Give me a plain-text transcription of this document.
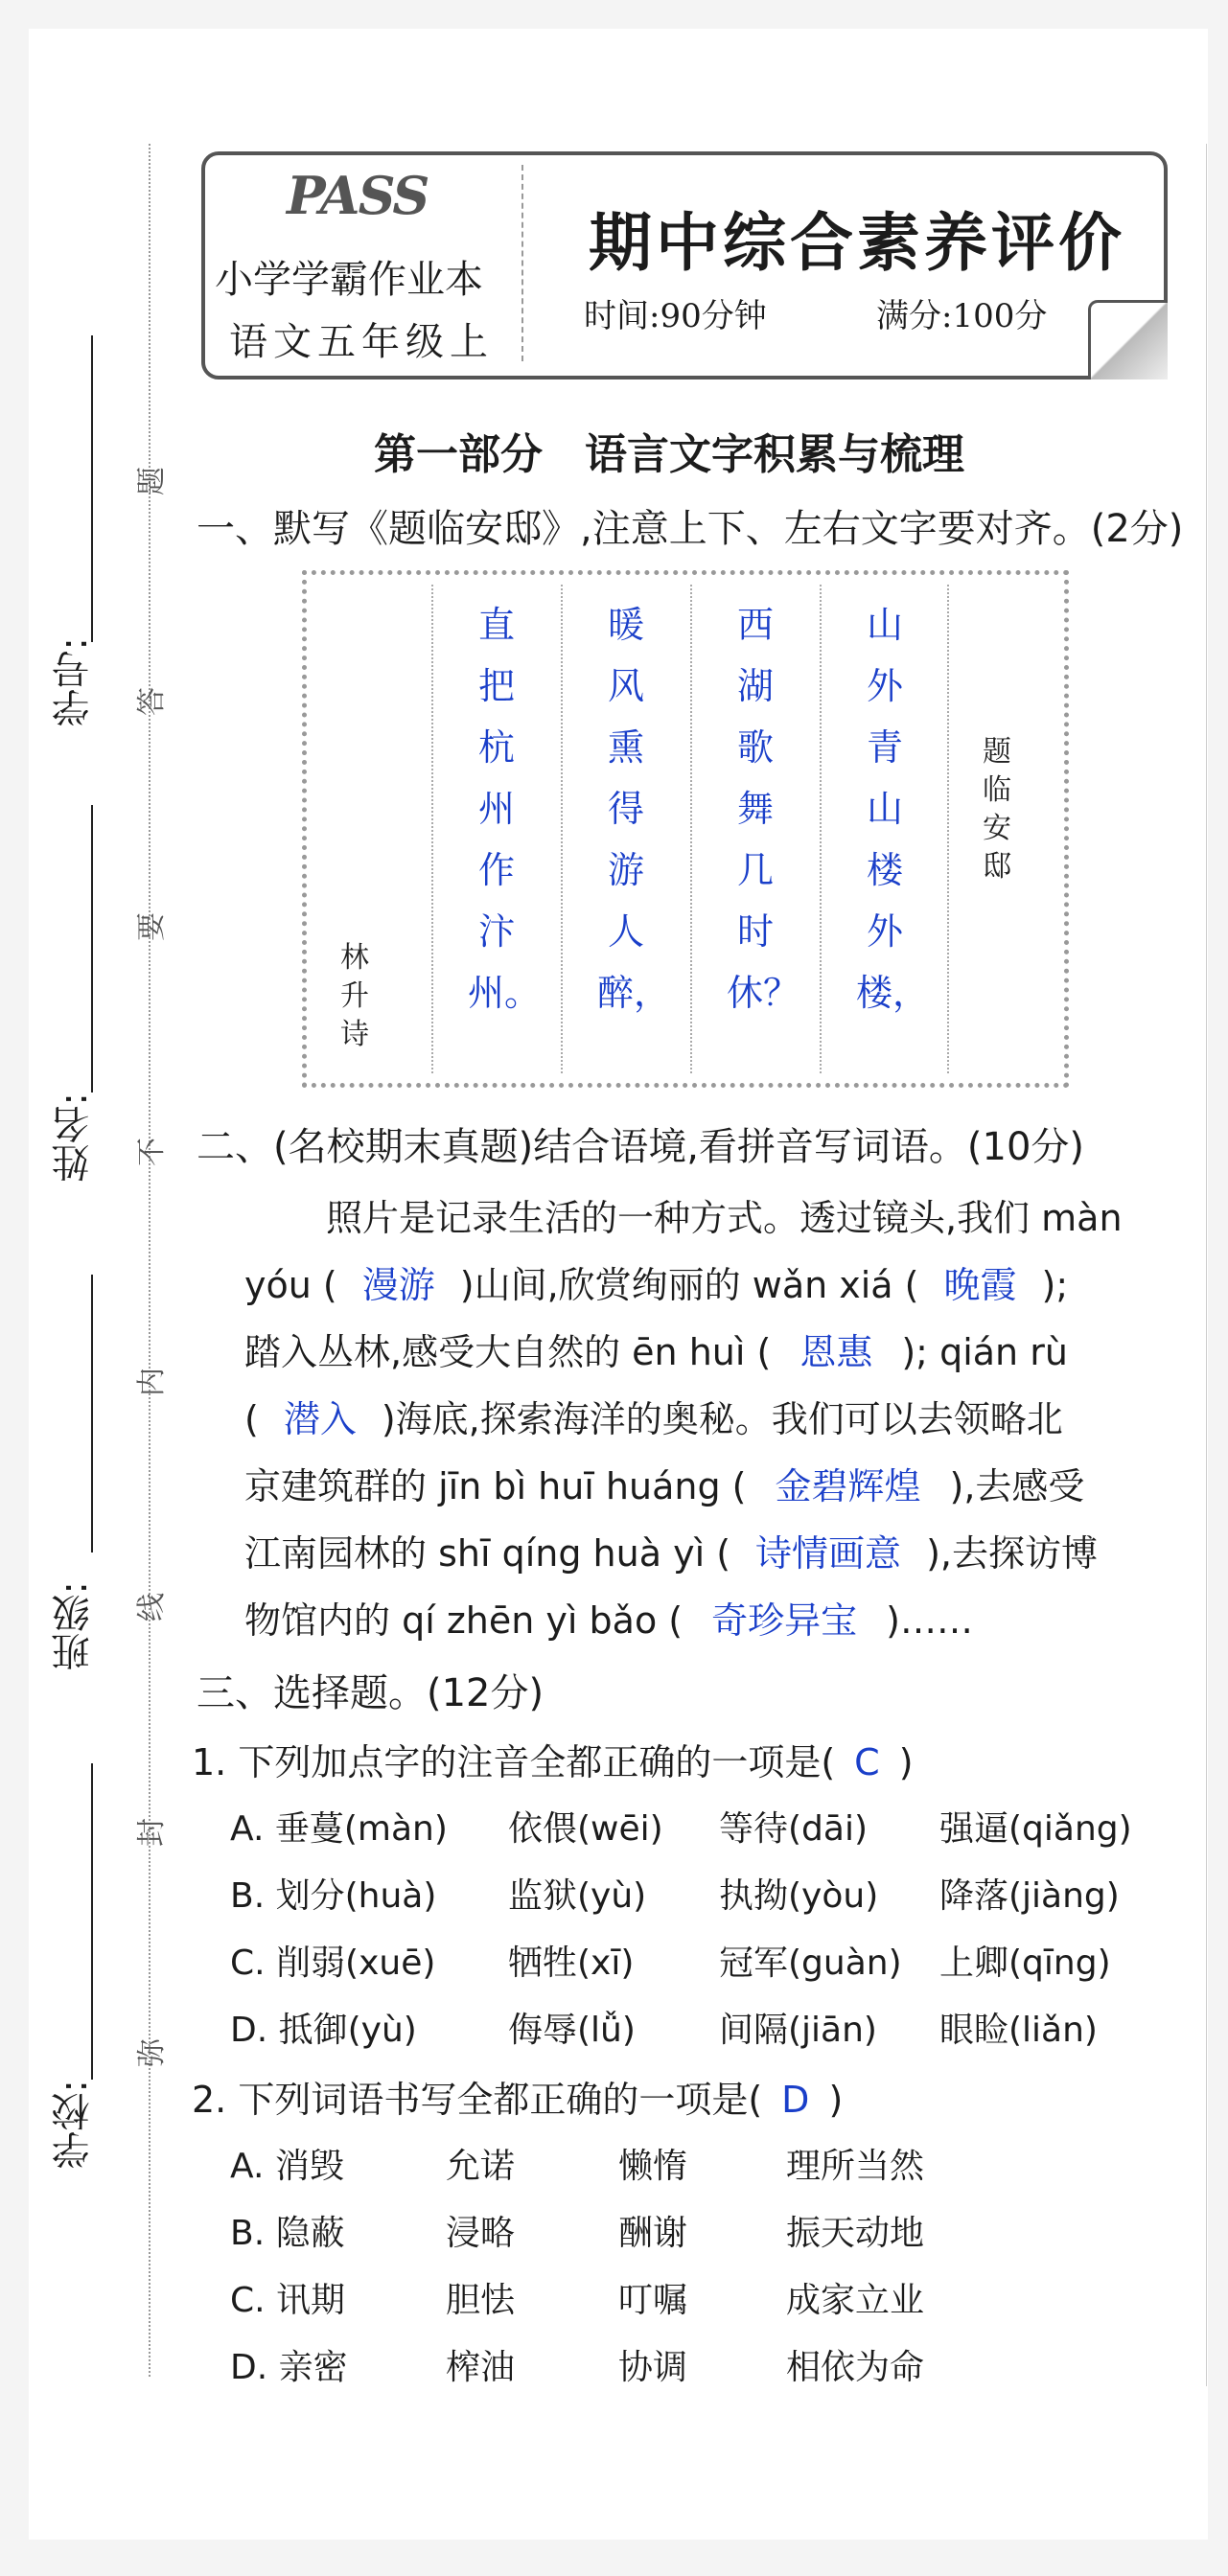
学号:
姓名:
班级:
学校:
题
答
要
不
内
线
封
弥
PASS
小学学霸作业本
语文五年级上
期中综合素养评价
时间:90分钟	满分:100分
第一部分　语言文字积累与梳理
一、默写《题临安邸》,注意上下、左右文字要对齐。(2分)
林升诗
直把杭州作汴州。
暖风熏得游人醉，
西湖歌舞几时休？
山外青山楼外楼，
题临安邸
二、(名校期末真题)结合语境,看拼音写词语。(10分)
照片是记录生活的一种方式。透过镜头,我们 màn
yóu ( 漫游 )山间,欣赏绚丽的 wǎn xiá ( 晚霞 );
踏入丛林,感受大自然的 ēn huì ( 恩惠 ); qián rù
( 潜入 )海底,探索海洋的奥秘。我们可以去领略北
京建筑群的 jīn bì huī huáng ( 金碧辉煌 ),去感受
江南园林的 shī qíng huà yì ( 诗情画意 ),去探访博
物馆内的 qí zhēn yì bǎo ( 奇珍异宝 )……
三、选择题。(12分)
1. 下列加点字的注音全都正确的一项是( C )
A. 垂蔓(màn) 依偎(wēi) 等待(dāi) 强逼(qiǎng)
B. 划分(huà) 监狱(yù) 执拗(yòu) 降落(jiàng)
C. 削弱(xuē) 牺牲(xī) 冠军(guàn) 上卿(qīng)
D. 抵御(yù)	侮辱(lǚ) 间隔(jiān) 眼睑(liǎn)
2. 下列词语书写全都正确的一项是( D )
A. 消毁	允诺	懒惰	理所当然
B. 隐蔽	浸略	酬谢	振天动地
C. 讯期	胆怯	叮嘱	成家立业
D. 亲密	榨油	协调	相依为命
